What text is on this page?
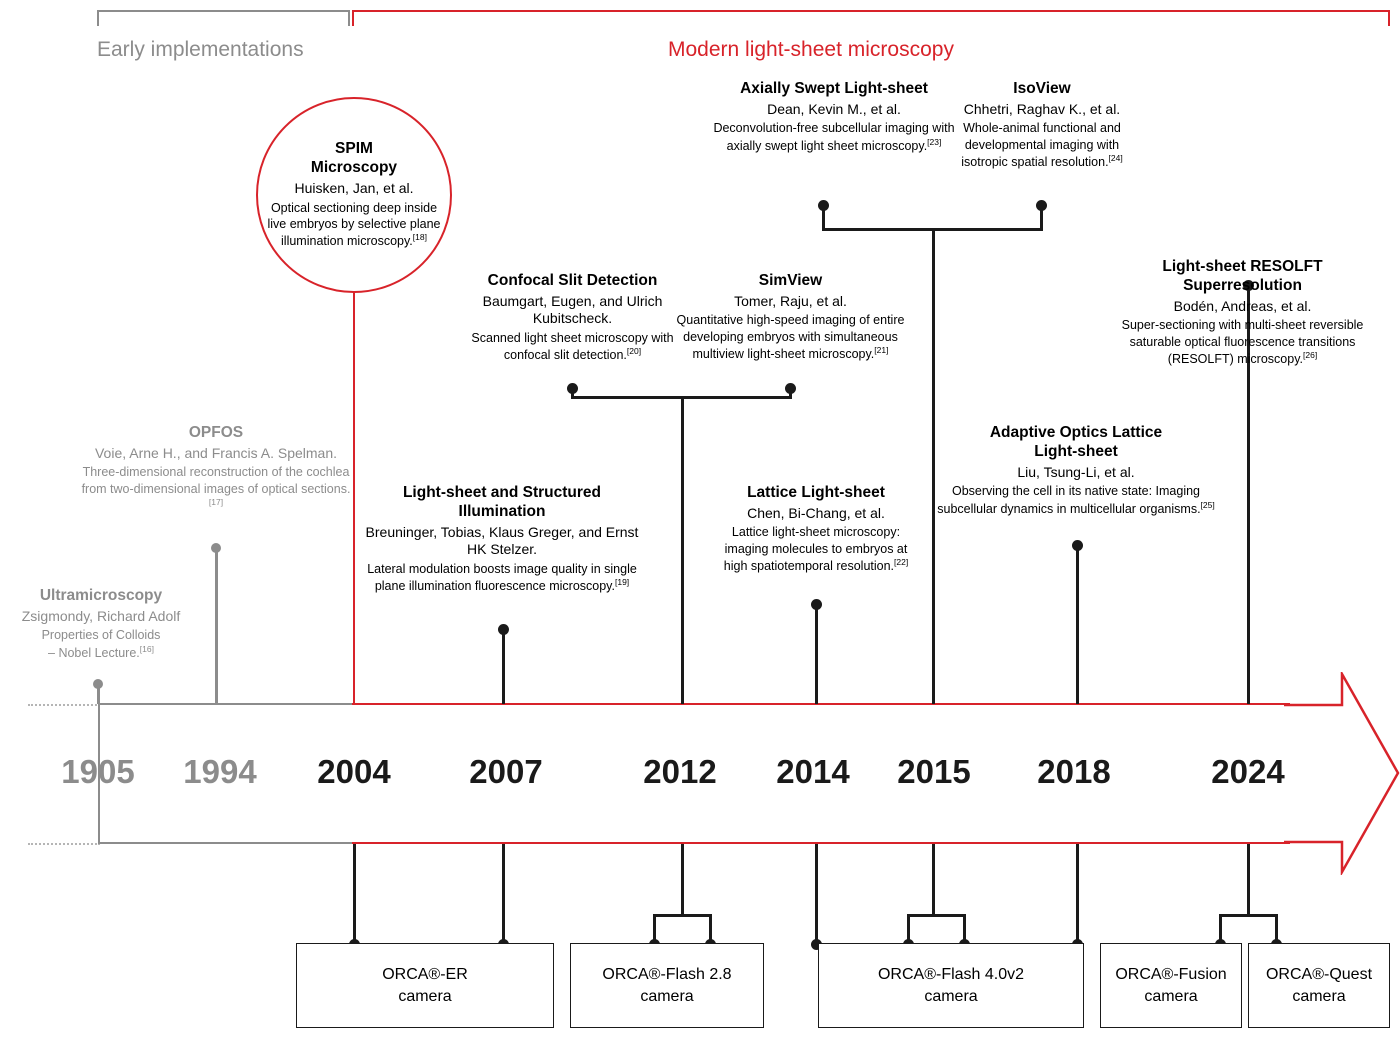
Early implementations	Modern light-sheet microscopy
1905	1994	2004	2007	2012	2014	2015	2018	2024
SPIM
Microscopy
Huisken, Jan, et al.
Optical sectioning deep inside live embryos by selective plane illumination microscopy.[18]
Ultramicroscopy
Zsigmondy, Richard Adolf
Properties of Colloids
– Nobel Lecture.[16]
OPFOS
Voie, Arne H., and Francis A. Spelman.
Three-dimensional reconstruction of the cochlea from two-dimensional images of optical sections.[17]
Light-sheet and Structured
Illumination
Breuninger, Tobias, Klaus Greger, and Ernst HK Stelzer.
Lateral modulation boosts image quality in single plane illumination fluorescence microscopy.[19]
Confocal Slit Detection
Baumgart, Eugen, and Ulrich Kubitscheck.
Scanned light sheet microscopy with confocal slit detection.[20]
SimView
Tomer, Raju, et al.
Quantitative high-speed imaging of entire developing embryos with simultaneous multiview light-sheet microscopy.[21]
Lattice Light-sheet
Chen, Bi-Chang, et al.
Lattice light-sheet microscopy: imaging molecules to embryos at high spatiotemporal resolution.[22]
Axially Swept Light-sheet
Dean, Kevin M., et al.
Deconvolution-free subcellular imaging with axially swept light sheet microscopy.[23]
IsoView
Chhetri, Raghav K., et al.
Whole-animal functional and developmental imaging with isotropic spatial resolution.[24]
Adaptive Optics Lattice
Light-sheet
Liu, Tsung-Li, et al.
Observing the cell in its native state: Imaging subcellular dynamics in multicellular organisms.[25]
Light-sheet RESOLFT
Superresolution
Bodén, Andreas, et al.
Super-sectioning with multi-sheet reversible saturable optical fluorescence transitions (RESOLFT) microscopy.[26]
ORCA®-ER
camera
ORCA®-Flash 2.8
camera
ORCA®-Flash 4.0v2
camera
ORCA®-Fusion
camera
ORCA®-Quest
camera
